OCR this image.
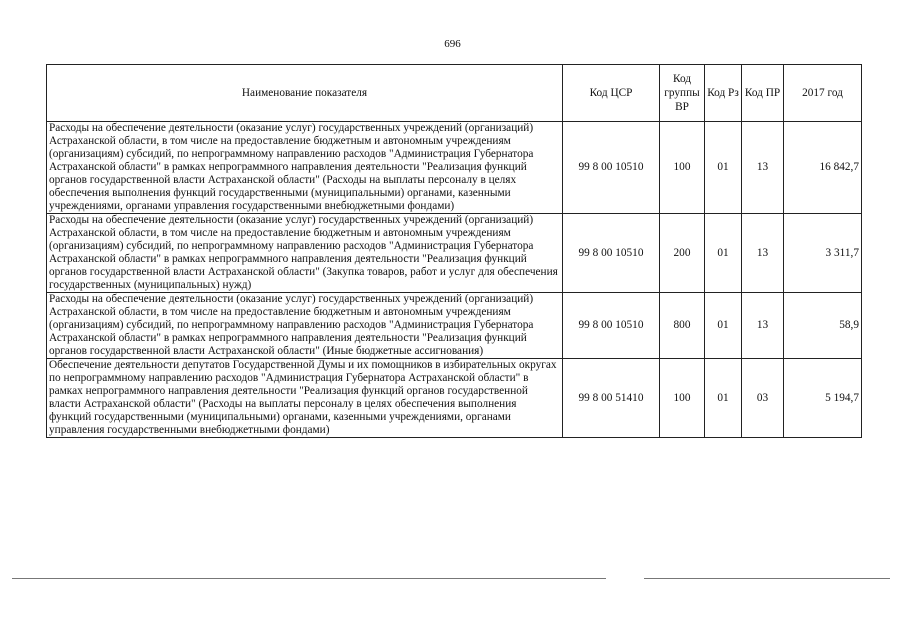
696
Наименование показателя	Код ЦСР	Код группы ВР	Код Рз	Код ПР	2017 год
Расходы на обеспечение деятельности (оказание услуг) государственных учреждений (организаций) Астраханской области, в том числе на предоставление бюджетным и автономным учреждениям (организациям) субсидий, по непрограммному направлению расходов "Администрация Губернатора Астраханской области" в рамках непрограммного направления деятельности "Реализация функций органов государственной власти Астраханской области" (Расходы на выплаты персоналу в целях обеспечения выполнения функций государственными (муниципальными) органами, казенными учреждениями, органами управления государственными внебюджетными фондами)	99 8 00 10510	100	01	13	16 842,7
Расходы на обеспечение деятельности (оказание услуг) государственных учреждений (организаций) Астраханской области, в том числе на предоставление бюджетным и автономным учреждениям (организациям) субсидий, по непрограммному направлению расходов "Администрация Губернатора Астраханской области" в рамках непрограммного направления деятельности "Реализация функций органов государственной власти Астраханской области" (Закупка товаров, работ и услуг для обеспечения государственных (муниципальных) нужд)	99 8 00 10510	200	01	13	3 311,7
Расходы на обеспечение деятельности (оказание услуг) государственных учреждений (организаций) Астраханской области, в том числе на предоставление бюджетным и автономным учреждениям (организациям) субсидий, по непрограммному направлению расходов "Администрация Губернатора Астраханской области" в рамках непрограммного направления деятельности "Реализация функций органов государственной власти Астраханской области" (Иные бюджетные ассигнования)	99 8 00 10510	800	01	13	58,9
Обеспечение деятельности депутатов Государственной Думы и их помощников в избирательных округах по непрограммному направлению расходов "Администрация Губернатора Астраханской области" в рамках непрограммного направления деятельности "Реализация функций органов государственной власти Астраханской области" (Расходы на выплаты персоналу в целях обеспечения выполнения функций государственными (муниципальными) органами, казенными учреждениями, органами управления государственными внебюджетными фондами)	99 8 00 51410	100	01	03	5 194,7
